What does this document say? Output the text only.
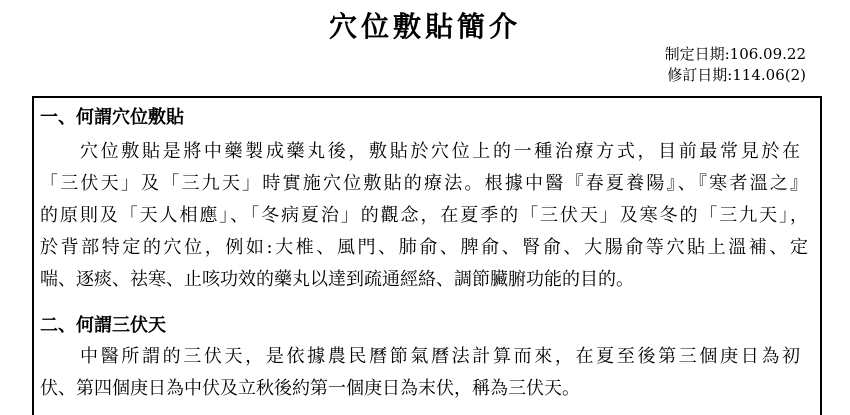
穴位敷貼簡介
制定日期:106.09.22
修訂日期:114.06(2)
一、何謂穴位敷貼
穴位敷貼是將中藥製成藥丸後，敷貼於穴位上的一種治療方式，目前最常見於在
「三伏天」及「三九天」時實施穴位敷貼的療法。根據中醫『春夏養陽』、『寒者溫之』
的原則及「天人相應」、「冬病夏治」的觀念，在夏季的「三伏天」及寒冬的「三九天」，
於背部特定的穴位，例如:大椎、風門、肺俞、脾俞、腎俞、大腸俞等穴貼上溫補、定
喘、逐痰、祛寒、止咳功效的藥丸以達到疏通經絡、調節臟腑功能的目的。
二、何謂三伏天
中醫所謂的三伏天，是依據農民曆節氣曆法計算而來，在夏至後第三個庚日為初
伏、第四個庚日為中伏及立秋後約第一個庚日為末伏，稱為三伏天。
